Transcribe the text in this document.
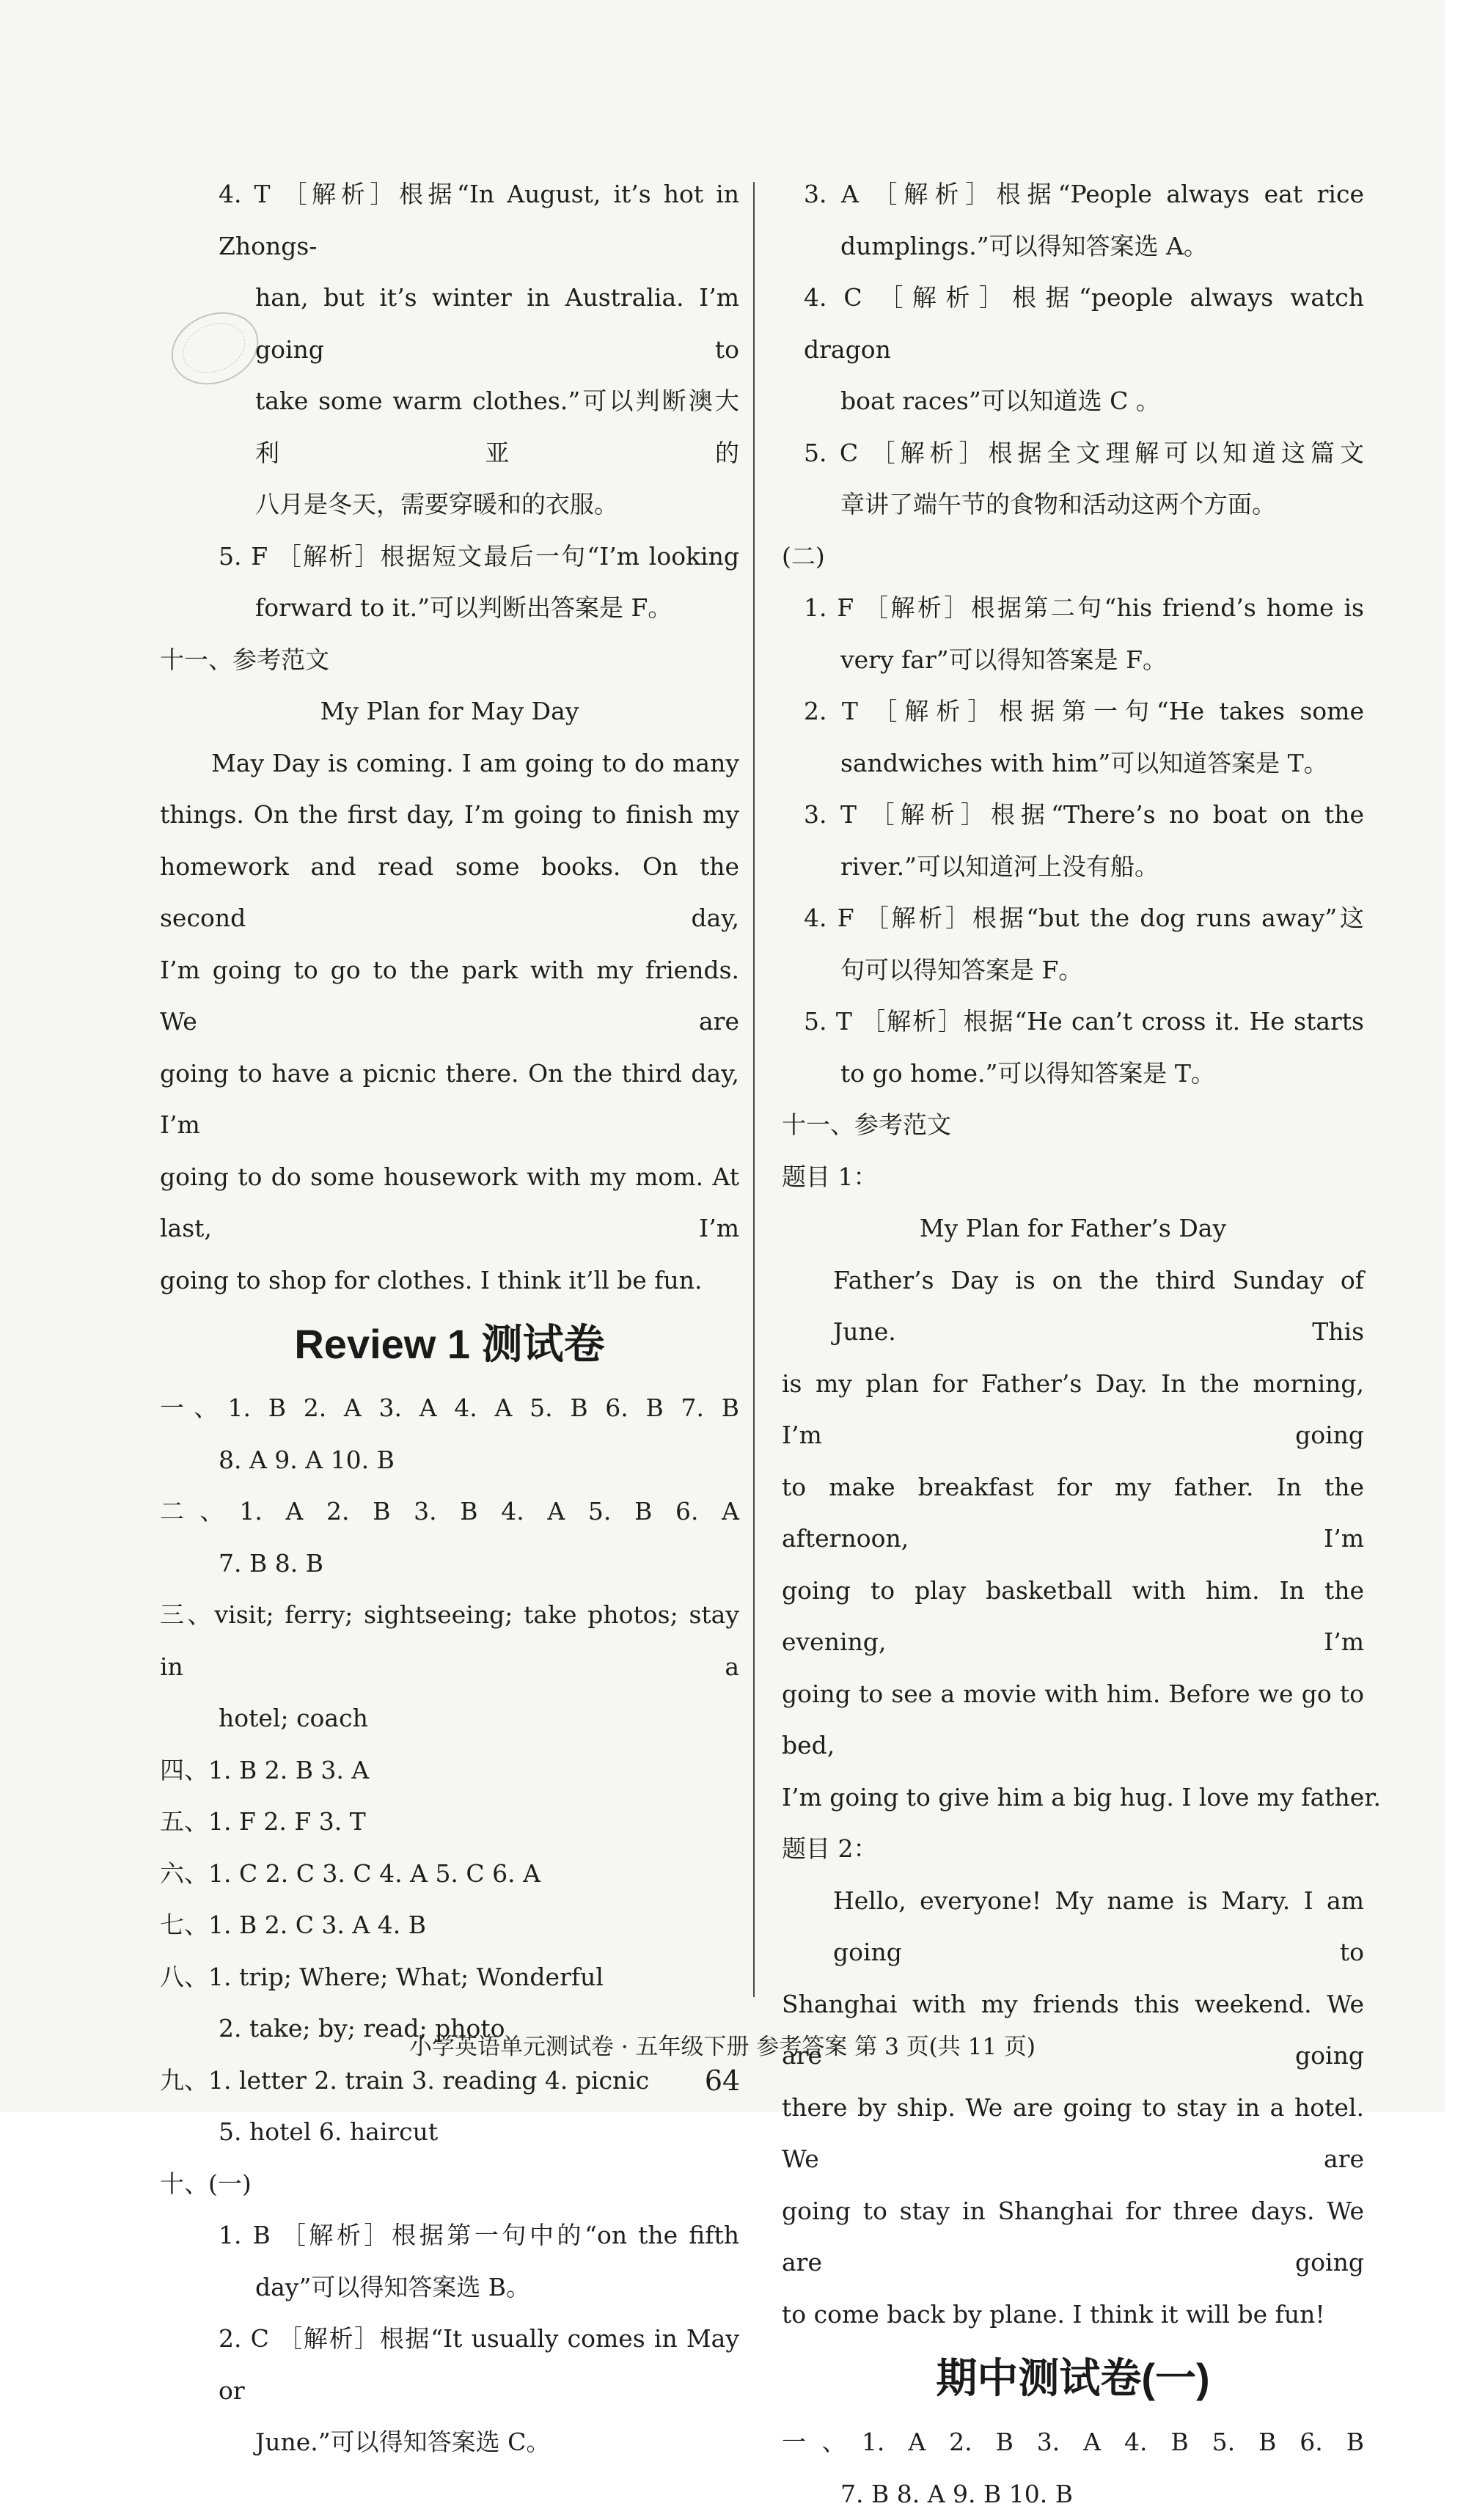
4. T ［解析］根据“In August, it’s hot in Zhongs-
han, but it’s winter in Australia. I’m going to
take some warm clothes.”可以判断澳大利亚的
八月是冬天，需要穿暖和的衣服。
5. F ［解析］根据短文最后一句“I’m looking
forward to it.”可以判断出答案是 F。
十一、参考范文
My Plan for May Day
May Day is coming. I am going to do many
things. On the first day, I’m going to finish my
homework and read some books. On the second day,
I’m going to go to the park with my friends. We are
going to have a picnic there. On the third day, I’m
going to do some housework with my mom. At last, I’m
going to shop for clothes. I think it’ll be fun.
Review 1 测试卷
一、1. B 2. A 3. A 4. A 5. B 6. B 7. B
8. A 9. A 10. B
二、1. A 2. B 3. B 4. A 5. B 6. A
7. B 8. B
三、visit; ferry; sightseeing; take photos; stay in a
hotel; coach
四、1. B 2. B 3. A
五、1. F 2. F 3. T
六、1. C 2. C 3. C 4. A 5. C 6. A
七、1. B 2. C 3. A 4. B
八、1. trip; Where; What; Wonderful
2. take; by; read; photo
九、1. letter 2. train 3. reading 4. picnic
5. hotel 6. haircut
十、(一)
1. B ［解析］根据第一句中的“on the fifth
day”可以得知答案选 B。
2. C ［解析］根据“It usually comes in May or
June.”可以得知答案选 C。
3. A ［解析］根据“People always eat rice
dumplings.”可以得知答案选 A。
4. C ［解析］根据“people always watch dragon
boat races”可以知道选 C 。
5. C ［解析］根据全文理解可以知道这篇文
章讲了端午节的食物和活动这两个方面。
(二)
1. F ［解析］根据第二句“his friend’s home is
very far”可以得知答案是 F。
2. T ［解析］根据第一句“He takes some
sandwiches with him”可以知道答案是 T。
3. T ［解析］根据“There’s no boat on the
river.”可以知道河上没有船。
4. F ［解析］根据“but the dog runs away”这
句可以得知答案是 F。
5. T ［解析］根据“He can’t cross it. He starts
to go home.”可以得知答案是 T。
十一、参考范文
题目 1：
My Plan for Father’s Day
Father’s Day is on the third Sunday of June. This
is my plan for Father’s Day. In the morning, I’m going
to make breakfast for my father. In the afternoon, I’m
going to play basketball with him. In the evening, I’m
going to see a movie with him. Before we go to bed,
I’m going to give him a big hug. I love my father.
题目 2：
Hello, everyone! My name is Mary. I am going to
Shanghai with my friends this weekend. We are going
there by ship. We are going to stay in a hotel. We are
going to stay in Shanghai for three days. We are going
to come back by plane. I think it will be fun!
期中测试卷(一)
一、1. A 2. B 3. A 4. B 5. B 6. B
7. B 8. A 9. B 10. B
小学英语单元测试卷 · 五年级下册 参考答案 第 3 页(共 11 页)
64
